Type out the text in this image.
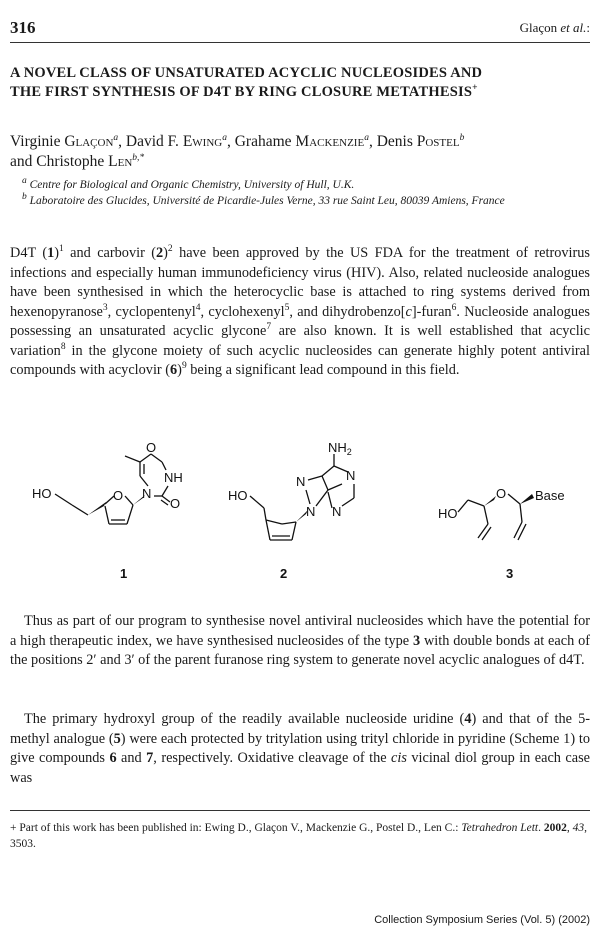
316	Glaçon et al.:
A NOVEL CLASS OF UNSATURATED ACYCLIC NUCLEOSIDES AND
THE FIRST SYNTHESIS OF D4T BY RING CLOSURE METATHESIS+
Virginie Glaçon$^a$, David F. Ewing$^a$, Grahame Mackenzie$^a$, Denis Postel$^b$
and Christophe Len$^{b,*}$
$^a$ Centre for Biological and Organic Chemistry, University of Hull, U.K.
$^b$ Laboratoire des Glucides, Université de Picardie-Jules Verne, 33 rue Saint Leu, 80039 Amiens, France
D4T $(1)^1$ and carbovir $(2)^2$ have been approved by the US FDA for the treatment of retrovirus infections and especially human immunodeficiency virus (HIV). Also, related nucleoside analogues have been synthesised in which the heterocyclic base is attached to ring systems derived from hexenopyranose$^3$, cyclopentenyl$^4$, cyclohexenyl$^5$, and dihydrobenzo[c]-furan$^6$. Nucleoside analogues possessing an unsaturated acyclic glycone$^7$ are also known. It is well established that acyclic variation$^8$ in the glycone moiety of such acyclic nucleosides can generate highly potent antiviral compounds with acyclovir $(6)^9$ being a significant lead compound in this field.
HO	O N
O
NH
O
1
HO
N
N
$NH_2$
N
N
2
HO
O Base
3
Thus as part of our program to synthesise novel antiviral nucleosides which have the potential for a high therapeutic index, we have synthesised nucleosides of the type 3 with double bonds at each of the positions 2′ and 3′ of the parent furanose ring system to generate novel acyclic analogues of d4T.
The primary hydroxyl group of the readily available nucleoside uridine (4) and that of the 5-methyl analogue (5) were each protected by tritylation using trityl chloride in pyridine (Scheme 1) to give compounds 6 and 7, respectively. Oxidative cleavage of the cis vicinal diol group in each case was
+ Part of this work has been published in: Ewing D., Glaçon V., Mackenzie G., Postel D., Len C.: Tetrahedron Lett. 2002, 43, 3503.
Collection Symposium Series (Vol. 5) (2002)
